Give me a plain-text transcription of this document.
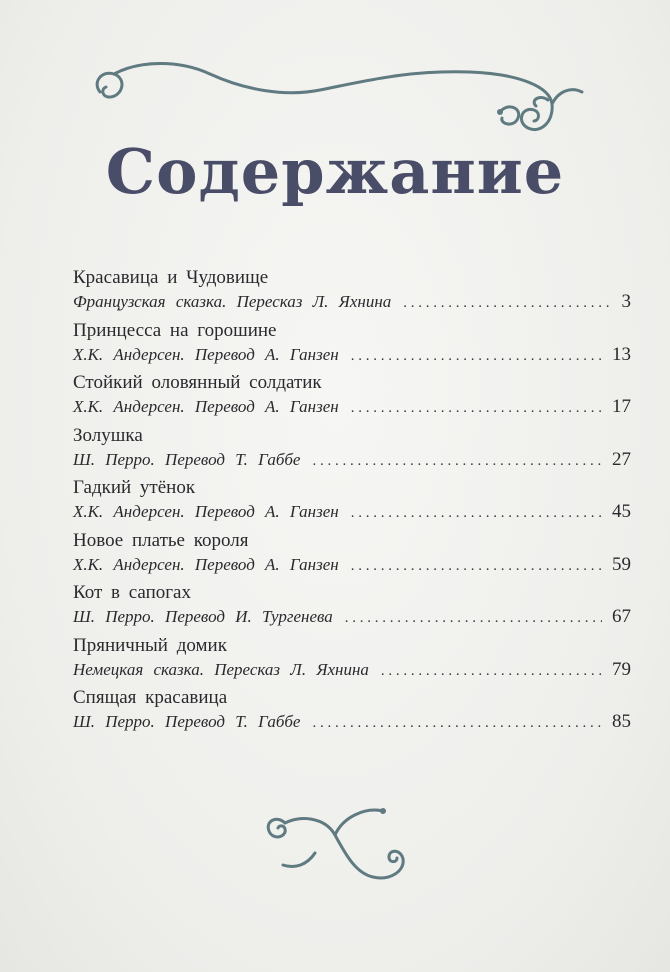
Содержание
Красавица и Чудовище
Французская сказка. Пересказ Л. Яхнина . . .	3
Принцесса на горошине
Х.К. Андерсен. Перевод А. Ганзен . . .	13
Стойкий оловянный солдатик
Х.К. Андерсен. Перевод А. Ганзен . . .	17
Золушка
Ш. Перро. Перевод Т. Габбе . . .	27
Гадкий утёнок
Х.К. Андерсен. Перевод А. Ганзен . . .	45
Новое платье короля
Х.К. Андерсен. Перевод А. Ганзен . . .	59
Кот в сапогах
Ш. Перро. Перевод И. Тургенева . . .	67
Пряничный домик
Немецкая сказка. Пересказ Л. Яхнина . . .	79
Спящая красавица
Ш. Перро. Перевод Т. Габбе . . .	85
